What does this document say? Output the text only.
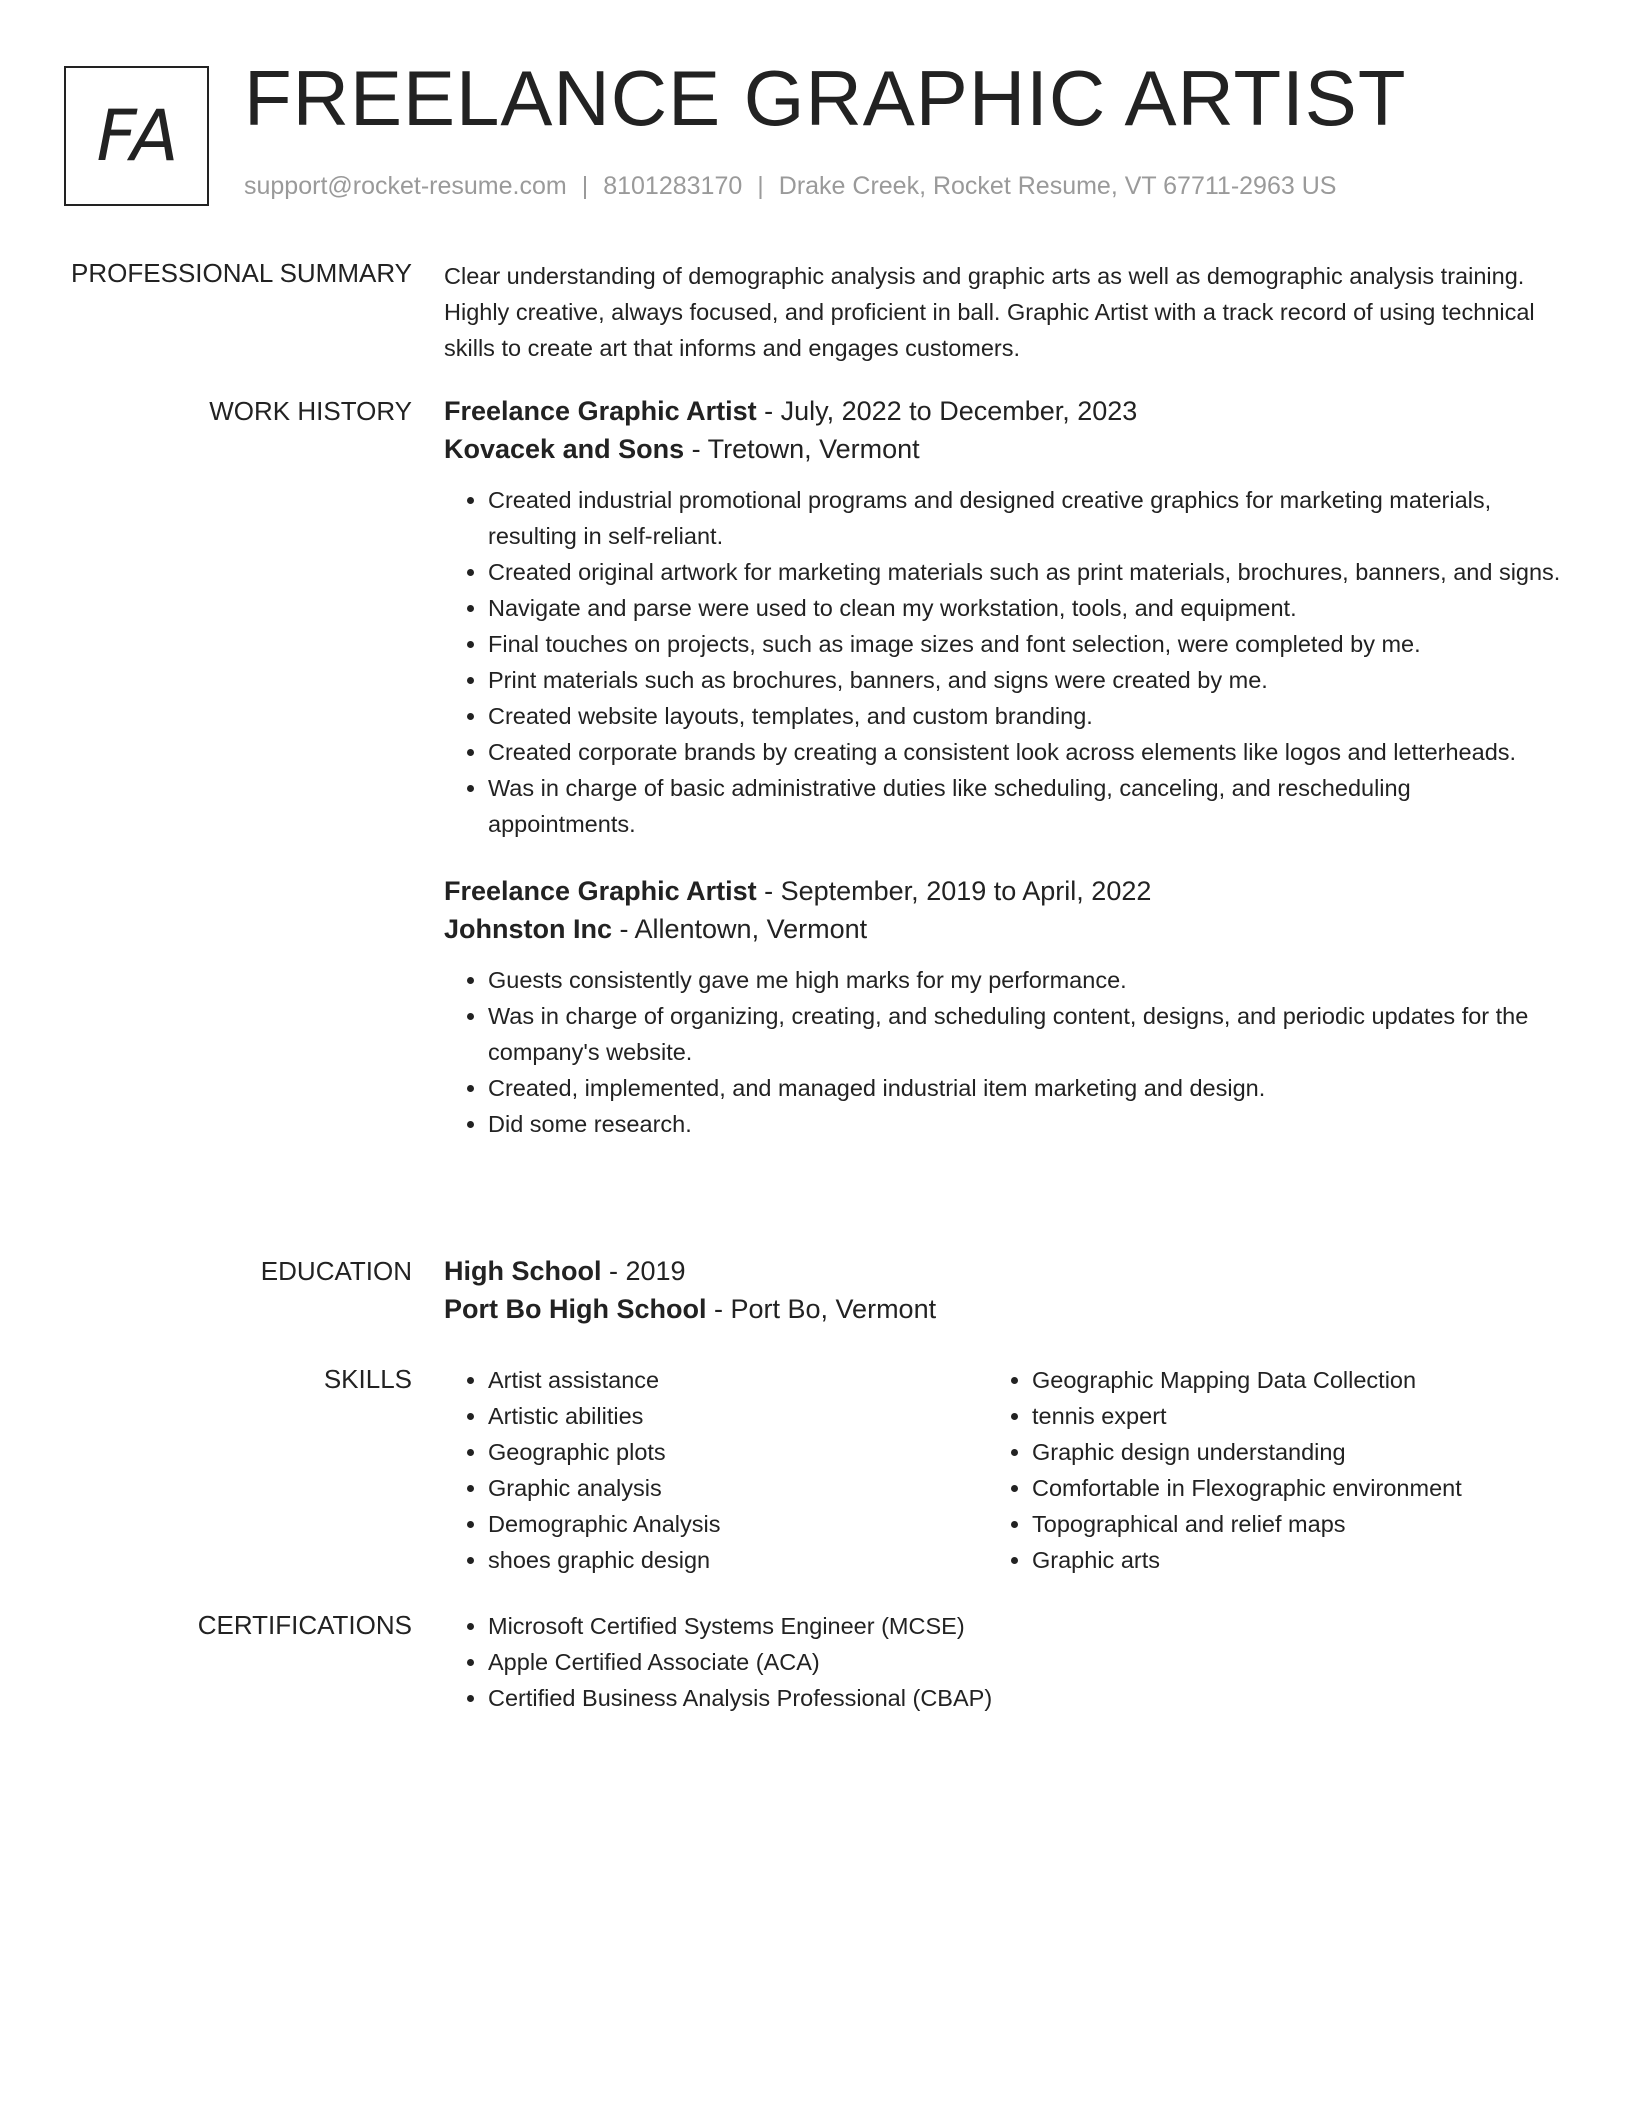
FA FREELANCE GRAPHIC ARTIST
support@rocket-resume.com | 8101283170 | Drake Creek, Rocket Resume, VT 67711-2963 US
PROFESSIONAL SUMMARY Clear understanding of demographic analysis and graphic arts as well as demographic analysis training. Highly creative, always focused, and proficient in ball. Graphic Artist with a track record of using technical skills to create art that informs and engages customers.

WORK HISTORY Freelance Graphic Artist - July, 2022 to December, 2023
Kovacek and Sons - Tretown, Vermont
• Created industrial promotional programs and designed creative graphics for marketing materials, resulting in self-reliant.
• Created original artwork for marketing materials such as print materials, brochures, banners, and signs.
• Navigate and parse were used to clean my workstation, tools, and equipment.
• Final touches on projects, such as image sizes and font selection, were completed by me.
• Print materials such as brochures, banners, and signs were created by me.
• Created website layouts, templates, and custom branding.
• Created corporate brands by creating a consistent look across elements like logos and letterheads.
• Was in charge of basic administrative duties like scheduling, canceling, and rescheduling appointments.
Freelance Graphic Artist - September, 2019 to April, 2022
Johnston Inc - Allentown, Vermont
• Guests consistently gave me high marks for my performance.
• Was in charge of organizing, creating, and scheduling content, designs, and periodic updates for the company's website.
• Created, implemented, and managed industrial item marketing and design.
• Did some research.
EDUCATION High School - 2019
Port Bo High School - Port Bo, Vermont
SKILLS	• Artist assistance
• Artistic abilities
• Geographic plots
• Graphic analysis
• Demographic Analysis
• shoes graphic design
• Geographic Mapping Data Collection
• tennis expert
• Graphic design understanding
• Comfortable in Flexographic environment
• Topographical and relief maps
• Graphic arts
CERTIFICATIONS	• Microsoft Certified Systems Engineer (MCSE)
• Apple Certified Associate (ACA)
• Certified Business Analysis Professional (CBAP)
